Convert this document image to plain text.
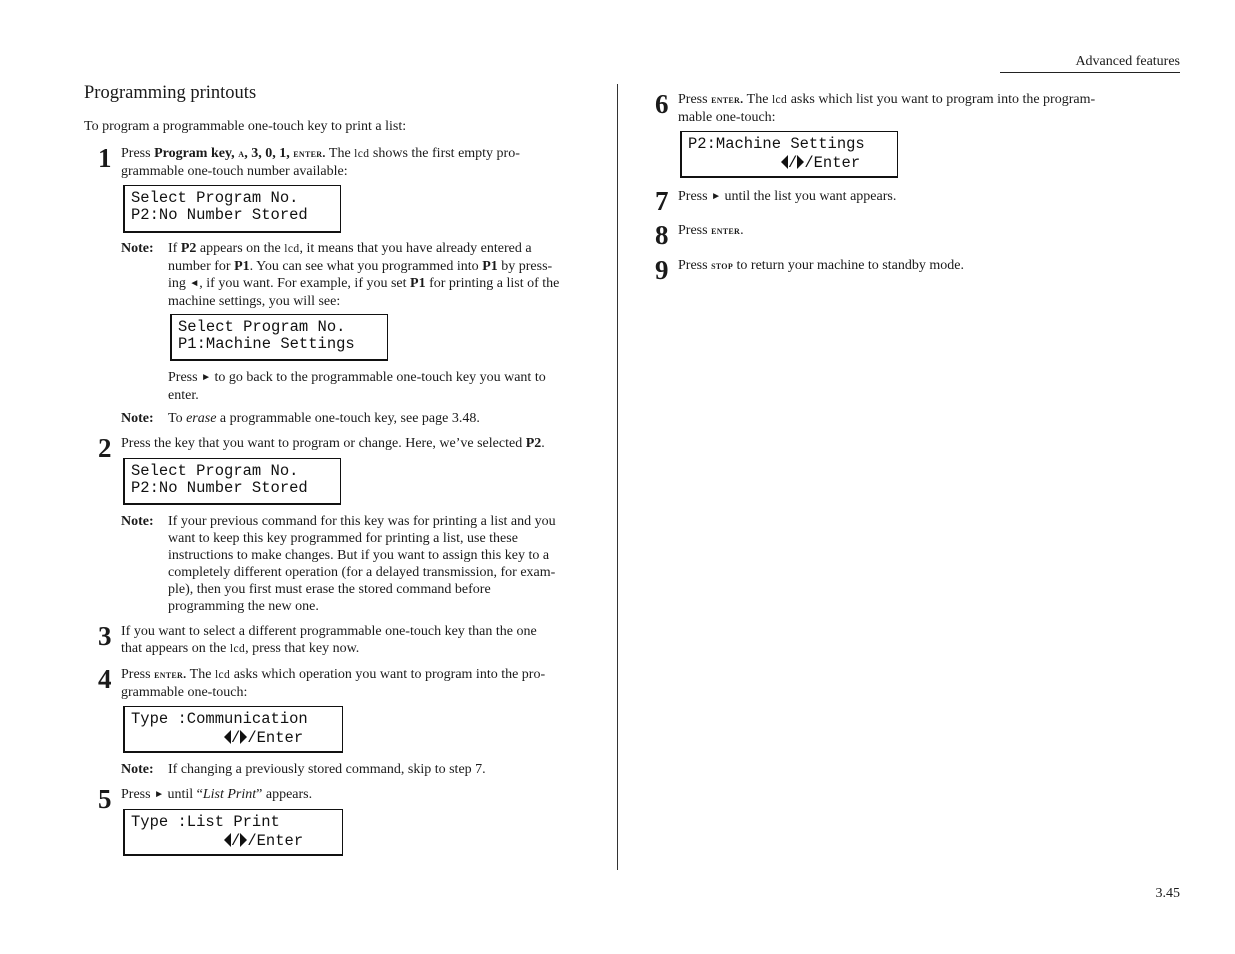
Advanced features
Programming printouts
To program a programmable one-touch key to print a list:
1 Press Program key, a, 3, 0, 1, enter. The lcd shows the first empty pro-
grammable one-touch number available:
Select Program No.
P2:No Number Stored
Note:	If P2 appears on the lcd, it means that you have already entered a
number for P1. You can see what you programmed into P1 by press-
ing ◄, if you want. For example, if you set P1 for printing a list of the
machine settings, you will see:
Select Program No.
P1:Machine Settings
Press ► to go back to the programmable one-touch key you want to
enter.
Note:	To erase a programmable one-touch key, see page 3.48.
2 Press the key that you want to program or change. Here, we’ve selected P2.
Select Program No.
P2:No Number Stored
Note:	If your previous command for this key was for printing a list and you
want to keep this key programmed for printing a list, use these
instructions to make changes. But if you want to assign this key to a
completely different operation (for a delayed transmission, for exam-
ple), then you first must erase the stored command before
programming the new one.
3 If you want to select a different programmable one-touch key than the one
that appears on the lcd, press that key now.
4 Press enter. The lcd asks which operation you want to program into the pro-
grammable one-touch:
Type :Communication
/ /Enter
Note:	If changing a previously stored command, skip to step 7.
5 Press ► until “List Print” appears.
Type :List Print
/ /Enter
6 Press enter. The lcd asks which list you want to program into the program-
mable one-touch:
P2:Machine Settings
/ /Enter
7 Press ► until the list you want appears.
8 Press enter.
9 Press stop to return your machine to standby mode.
3.45
